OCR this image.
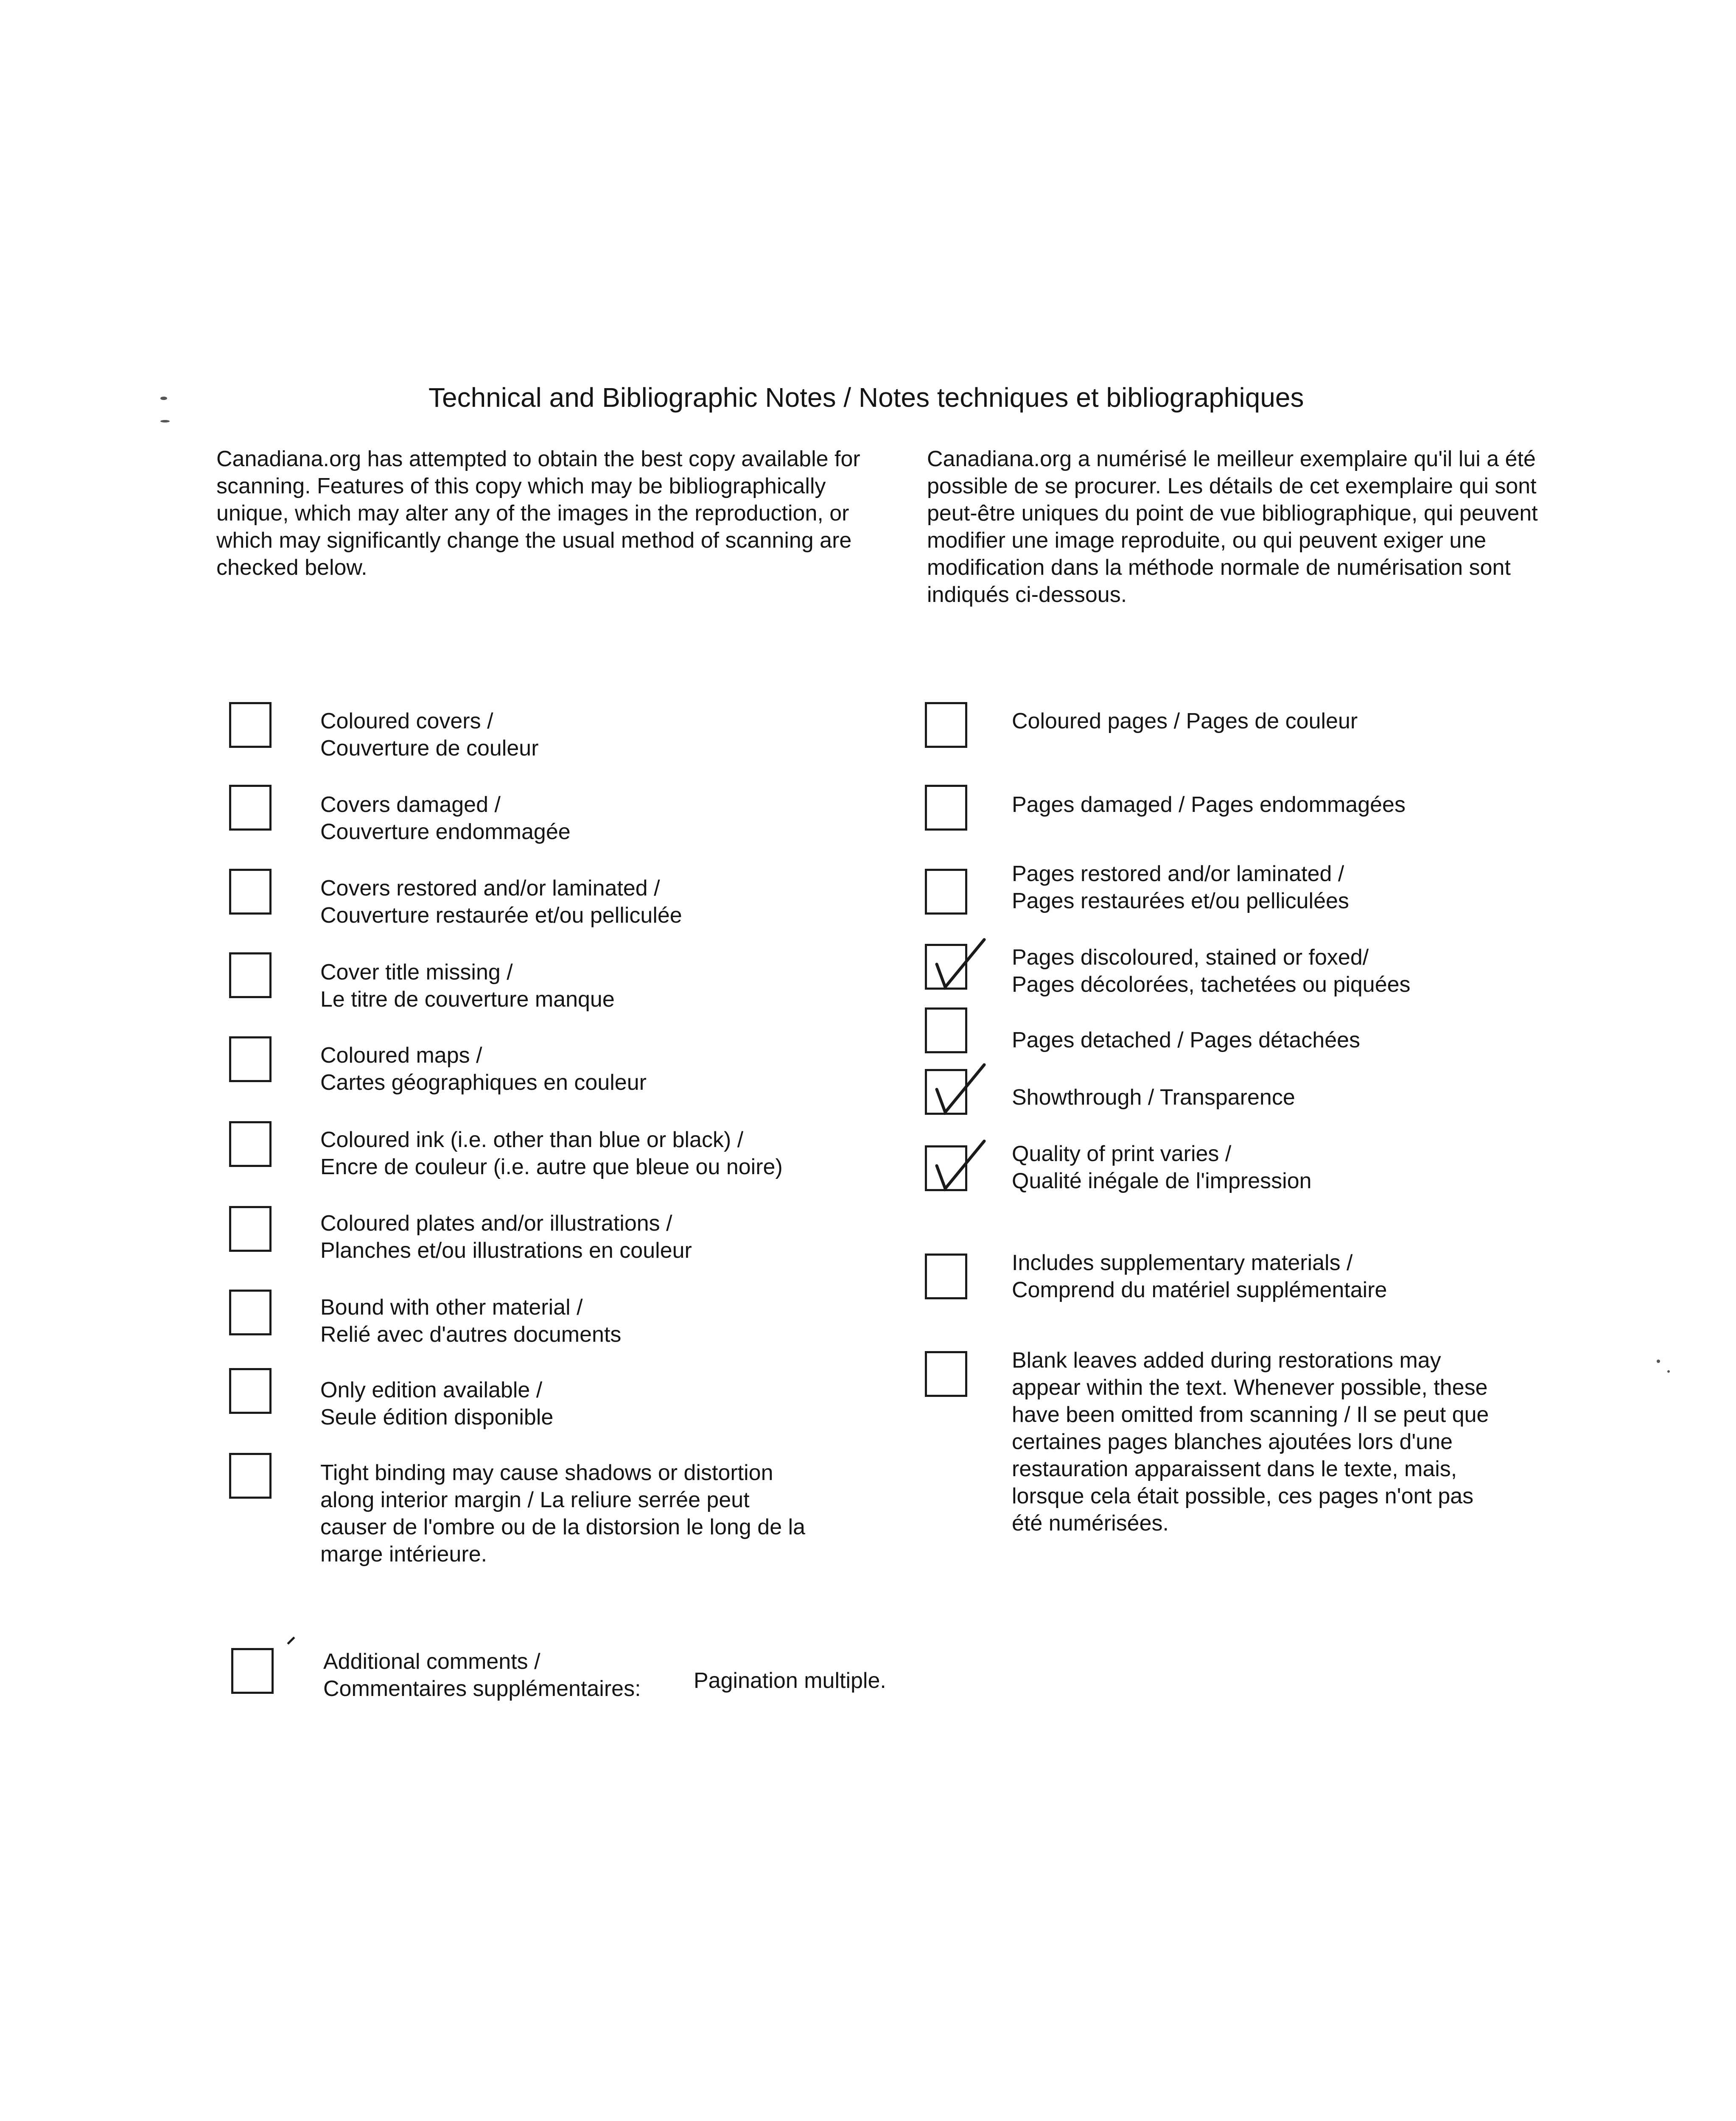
Technical and Bibliographic Notes / Notes techniques et bibliographiques
Canadiana.org has attempted to obtain the best copy available for scanning. Features of this copy which may be bibliographically unique, which may alter any of the images in the reproduction, or which may significantly change the usual method of scanning are checked below.
Canadiana.org a numérisé le meilleur exemplaire qu'il lui a été possible de se procurer. Les détails de cet exemplaire qui sont peut-être uniques du point de vue bibliographique, qui peuvent modifier une image reproduite, ou qui peuvent exiger une modification dans la méthode normale de numérisation sont indiqués ci-dessous.
Coloured covers /
Couverture de couleur
Covers damaged /
Couverture endommagée
Covers restored and/or laminated /
Couverture restaurée et/ou pelliculée
Cover title missing /
Le titre de couverture manque
Coloured maps /
Cartes géographiques en couleur
Coloured ink (i.e. other than blue or black) /
Encre de couleur (i.e. autre que bleue ou noire)
Coloured plates and/or illustrations /
Planches et/ou illustrations en couleur
Bound with other material /
Relié avec d'autres documents
Only edition available /
Seule édition disponible
Tight binding may cause shadows or distortion
along interior margin / La reliure serrée peut
causer de l'ombre ou de la distorsion le long de la
marge intérieure.
Coloured pages / Pages de couleur
Pages damaged / Pages endommagées
Pages restored and/or laminated /
Pages restaurées et/ou pelliculées
Pages discoloured, stained or foxed/
Pages décolorées, tachetées ou piquées
Pages detached / Pages détachées
Showthrough / Transparence
Quality of print varies /
Qualité inégale de l'impression
Includes supplementary materials /
Comprend du matériel supplémentaire
Blank leaves added during restorations may
appear within the text. Whenever possible, these
have been omitted from scanning / Il se peut que
certaines pages blanches ajoutées lors d'une
restauration apparaissent dans le texte, mais,
lorsque cela était possible, ces pages n'ont pas
été numérisées.
Additional comments /
Commentaires supplémentaires: Pagination multiple.
